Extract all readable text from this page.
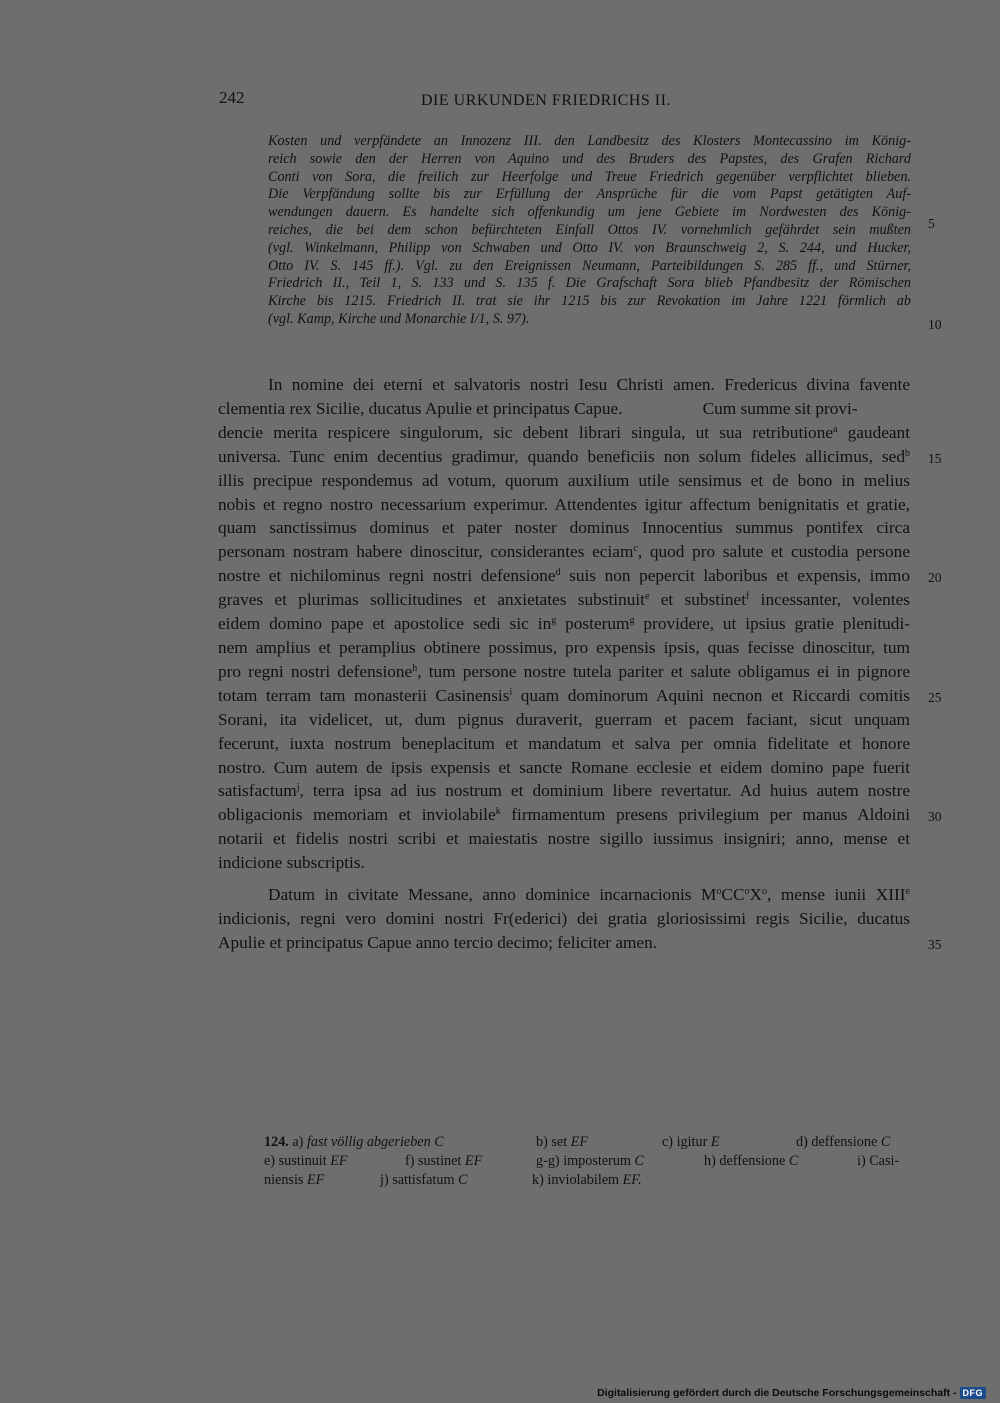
242	DIE URKUNDEN FRIEDRICHS II.
Kosten und verpfändete an Innozenz III. den Landbesitz des Klosters Montecassino im König-
reich sowie den der Herren von Aquino und des Bruders des Papstes, des Grafen Richard
Conti von Sora, die freilich zur Heerfolge und Treue Friedrich gegenüber verpflichtet blieben.
Die Verpfändung sollte bis zur Erfüllung der Ansprüche für die vom Papst getätigten Auf-
wendungen dauern. Es handelte sich offenkundig um jene Gebiete im Nordwesten des König-
reiches, die bei dem schon befürchteten Einfall Ottos IV. vornehmlich gefährdet sein mußten
(vgl. Winkelmann, Philipp von Schwaben und Otto IV. von Braunschweig 2, S. 244, und Hucker,
Otto IV. S. 145 ff.). Vgl. zu den Ereignissen Neumann, Parteibildungen S. 285 ff., und Stürner,
Friedrich II., Teil 1, S. 133 und S. 135 f. Die Grafschaft Sora blieb Pfandbesitz der Römischen
Kirche bis 1215. Friedrich II. trat sie ihr 1215 bis zur Revokation im Jahre 1221 förmlich ab
(vgl. Kamp, Kirche und Monarchie I/1, S. 97).
In nomine dei eterni et salvatoris nostri Iesu Christi amen. Fredericus divina favente
clementia rex Sicilie, ducatus Apulie et principatus Capue.	Cum summe sit provi-
dencie merita respicere singulorum, sic debent librari singula, ut sua retributione$^a$ gaudeant
universa. Tunc enim decentius gradimur, quando beneficiis non solum fideles allicimus, sed$^b$
illis precipue respondemus ad votum, quorum auxilium utile sensimus et de bono in melius
nobis et regno nostro necessarium experimur. Attendentes igitur affectum benignitatis et gratie,
quam sanctissimus dominus et pater noster dominus Innocentius summus pontifex circa
personam nostram habere dinoscitur, considerantes eciam$^c$, quod pro salute et custodia persone
nostre et nichilominus regni nostri defensione$^d$ suis non pepercit laboribus et expensis, immo
graves et plurimas sollicitudines et anxietates substinuit$^e$ et substinet$^f$ incessanter, volentes
eidem domino pape et apostolice sedi sic $in^g$ posterum$^g$ providere, ut ipsius gratie plenitudi-
nem amplius et peramplius obtinere possimus, pro expensis ipsis, quas fecisse dinoscitur, tum
pro regni nostri defensione$^h$, tum persone nostre tutela pariter et salute obligamus ei in pignore
totam terram tam monasterii Casinensis$^i$ quam dominorum Aquini necnon et Riccardi comitis
Sorani, ita videlicet, ut, dum pignus duraverit, guerram et pacem faciant, sicut unquam
fecerunt, iuxta nostrum beneplacitum et mandatum et salva per omnia fidelitate et honore
nostro. Cum autem de ipsis expensis et sancte Romane ecclesie et eidem domino pape fuerit
satisfactum$^j$, terra ipsa ad ius nostrum et dominium libere revertatur. Ad huius autem nostre
obligacionis memoriam et inviolabile$^k$ firmamentum presens privilegium per manus Aldoini
notarii et fidelis nostri scribi et maiestatis nostre sigillo iussimus insigniri; anno, mense et
indicione subscriptis.
Datum in civitate Messane, anno dominice incarnacionis $M^oCC^oX^o$, mense iunii XIIIe
indicionis, regni vero domini nostri Fr(ederici) dei gratia gloriosissimi regis Sicilie, ducatus
Apulie et principatus Capue anno tercio decimo; feliciter amen.
5
10
15
20
25
30
35
124. a) fast völlig abgerieben C	b) set EF	c) igitur E	d) deffensione C
e) sustinuit EF	f) sustinet EF	g-g) imposterum C	h) deffensione C	i) Casi-
niensis EF	j) sattisfatum C	k) inviolabilem EF.
Digitalisierung gefördert durch die Deutsche Forschungsgemeinschaft - DFG
